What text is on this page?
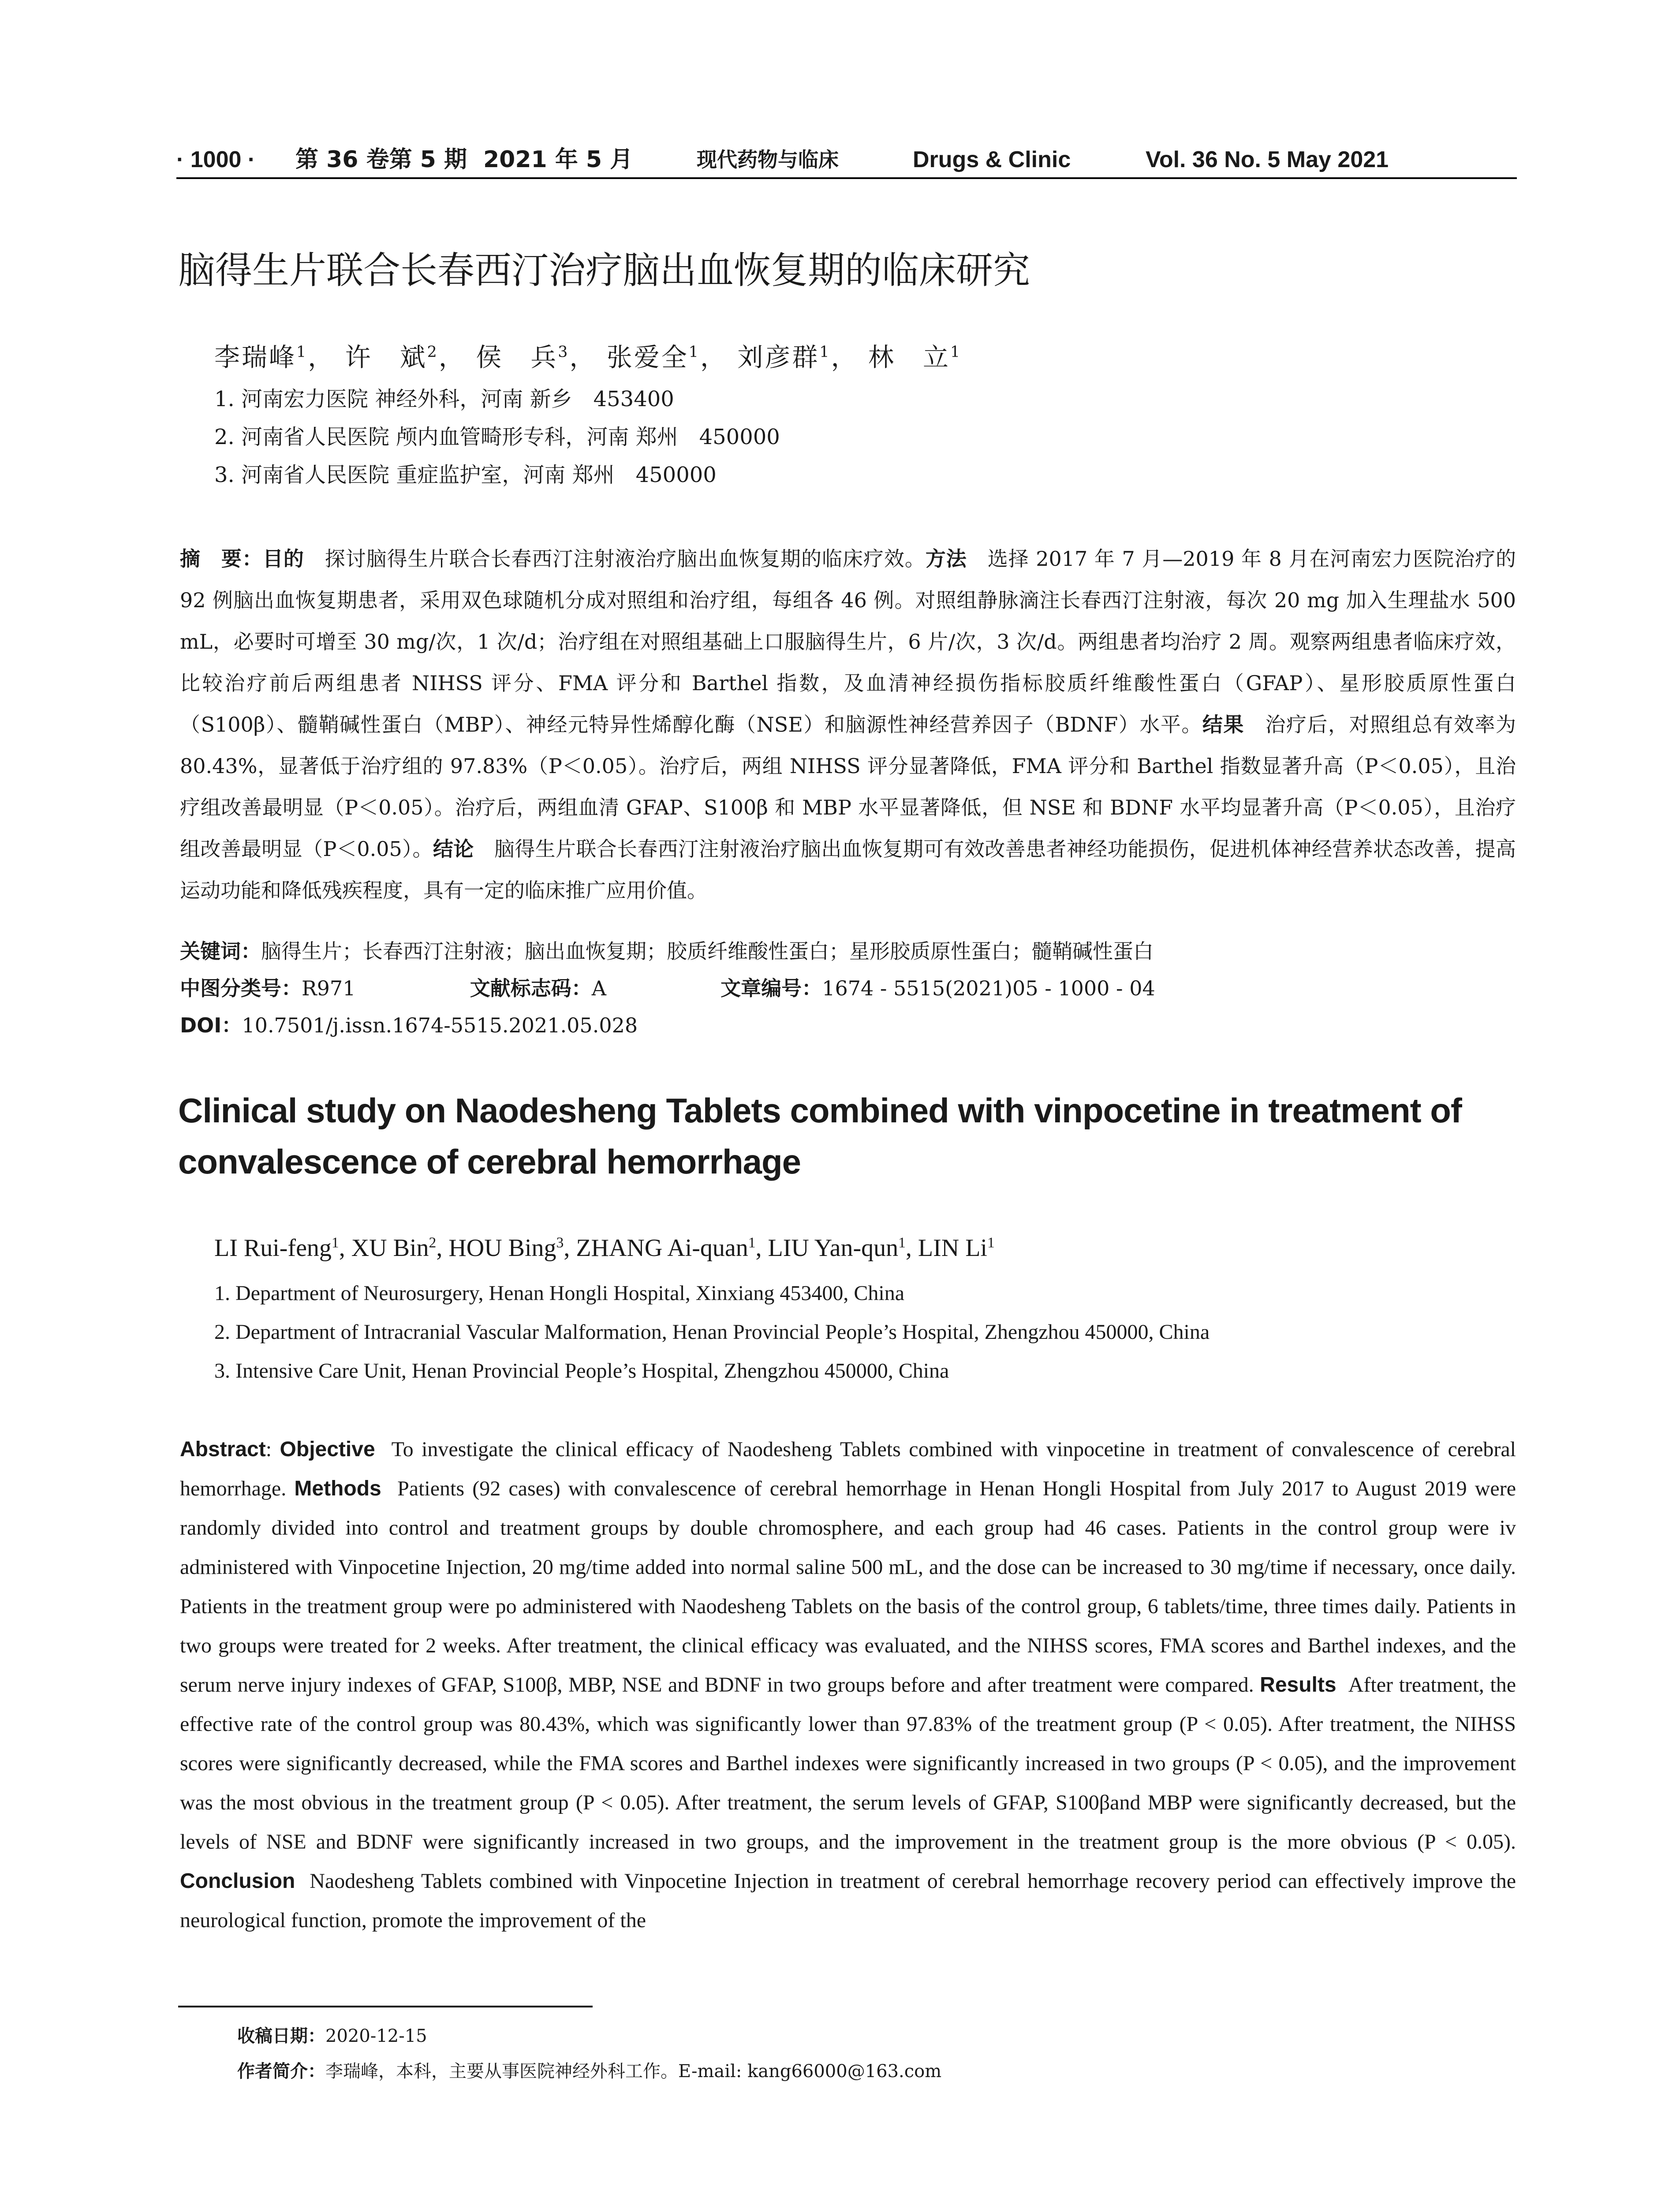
· 1000 · 第 36 卷第 5 期 2021 年 5 月	现代药物与临床	Drugs & Clinic	Vol. 36 No. 5 May 2021
脑得生片联合长春西汀治疗脑出血恢复期的临床研究
李瑞峰$^1$， 许　斌$^2$， 侯　兵$^3$， 张爱全$^1$， 刘彦群$^1$， 林　立$^1$
1. 河南宏力医院 神经外科，河南 新乡　453400
2. 河南省人民医院 颅内血管畸形专科，河南 郑州　450000
3. 河南省人民医院 重症监护室，河南 郑州　450000
摘　要：目的　 探讨脑得生片联合长春西汀注射液治疗脑出血恢复期的临床疗效。方法　 选择 2017 年 7 月—2019 年 8 月在河南宏力医院治疗的 92 例脑出血恢复期患者，采用双色球随机分成对照组和治疗组，每组各 46 例。对照组静脉滴注长春西汀注射液，每次 20 mg 加入生理盐水 500 mL，必要时可增至 30 mg/次，1 次/d；治疗组在对照组基础上口服脑得生片，6 片/次，3 次/d。两组患者均治疗 2 周。观察两组患者临床疗效，比较治疗前后两组患者 NIHSS 评分、FMA 评分和 Barthel 指数，及血清神经损伤指标胶质纤维酸性蛋白（GFAP）、星形胶质原性蛋白（S100β）、髓鞘碱性蛋白（MBP）、神经元特异性烯醇化酶（NSE）和脑源性神经营养因子（BDNF）水平。结果　 治疗后，对照组总有效率为 80.43%，显著低于治疗组的 97.83%（P＜0.05）。治疗后，两组 NIHSS 评分显著降低，FMA 评分和 Barthel 指数显著升高（P＜0.05），且治疗组改善最明显（P＜0.05）。治疗后，两组血清 GFAP、S100β 和 MBP 水平显著降低，但 NSE 和 BDNF 水平均显著升高（P＜0.05），且治疗组改善最明显（P＜0.05）。结论　 脑得生片联合长春西汀注射液治疗脑出血恢复期可有效改善患者神经功能损伤，促进机体神经营养状态改善，提高运动功能和降低残疾程度，具有一定的临床推广应用价值。
关键词：脑得生片；长春西汀注射液；脑出血恢复期；胶质纤维酸性蛋白；星形胶质原性蛋白；髓鞘碱性蛋白
中图分类号：R971	文献标志码：A	文章编号：1674 - 5515(2021)05 - 1000 - 04
DOI：10.7501/j.issn.1674-5515.2021.05.028
Clinical study on Naodesheng Tablets combined with vinpocetine in treatment of convalescence of cerebral hemorrhage
LI Rui-feng$^1$, XU Bin$^2$, HOU Bing$^3$, ZHANG Ai-quan$^1$, LIU Yan-qun$^1$, LIN Li$^1$
1. Department of Neurosurgery, Henan Hongli Hospital, Xinxiang 453400, China
2. Department of Intracranial Vascular Malformation, Henan Provincial People’s Hospital, Zhengzhou 450000, China
3. Intensive Care Unit, Henan Provincial People’s Hospital, Zhengzhou 450000, China
Abstract: Objective To investigate the clinical efficacy of Naodesheng Tablets combined with vinpocetine in treatment of convalescence of cerebral hemorrhage. Methods Patients (92 cases) with convalescence of cerebral hemorrhage in Henan Hongli Hospital from July 2017 to August 2019 were randomly divided into control and treatment groups by double chromosphere, and each group had 46 cases. Patients in the control group were iv administered with Vinpocetine Injection, 20 mg/time added into normal saline 500 mL, and the dose can be increased to 30 mg/time if necessary, once daily. Patients in the treatment group were po administered with Naodesheng Tablets on the basis of the control group, 6 tablets/time, three times daily. Patients in two groups were treated for 2 weeks. After treatment, the clinical efficacy was evaluated, and the NIHSS scores, FMA scores and Barthel indexes, and the serum nerve injury indexes of GFAP, S100β, MBP, NSE and BDNF in two groups before and after treatment were compared. Results After treatment, the effective rate of the control group was 80.43%, which was significantly lower than 97.83% of the treatment group (P < 0.05). After treatment, the NIHSS scores were significantly decreased, while the FMA scores and Barthel indexes were significantly increased in two groups (P < 0.05), and the improvement was the most obvious in the treatment group (P < 0.05). After treatment, the serum levels of GFAP, S100βand MBP were significantly decreased, but the levels of NSE and BDNF were significantly increased in two groups, and the improvement in the treatment group is the more obvious (P < 0.05). Conclusion Naodesheng Tablets combined with Vinpocetine Injection in treatment of cerebral hemorrhage recovery period can effectively improve the neurological function, promote the improvement of the
收稿日期：2020-12-15
作者简介：李瑞峰，本科，主要从事医院神经外科工作。E-mail: kang66000@163.com
